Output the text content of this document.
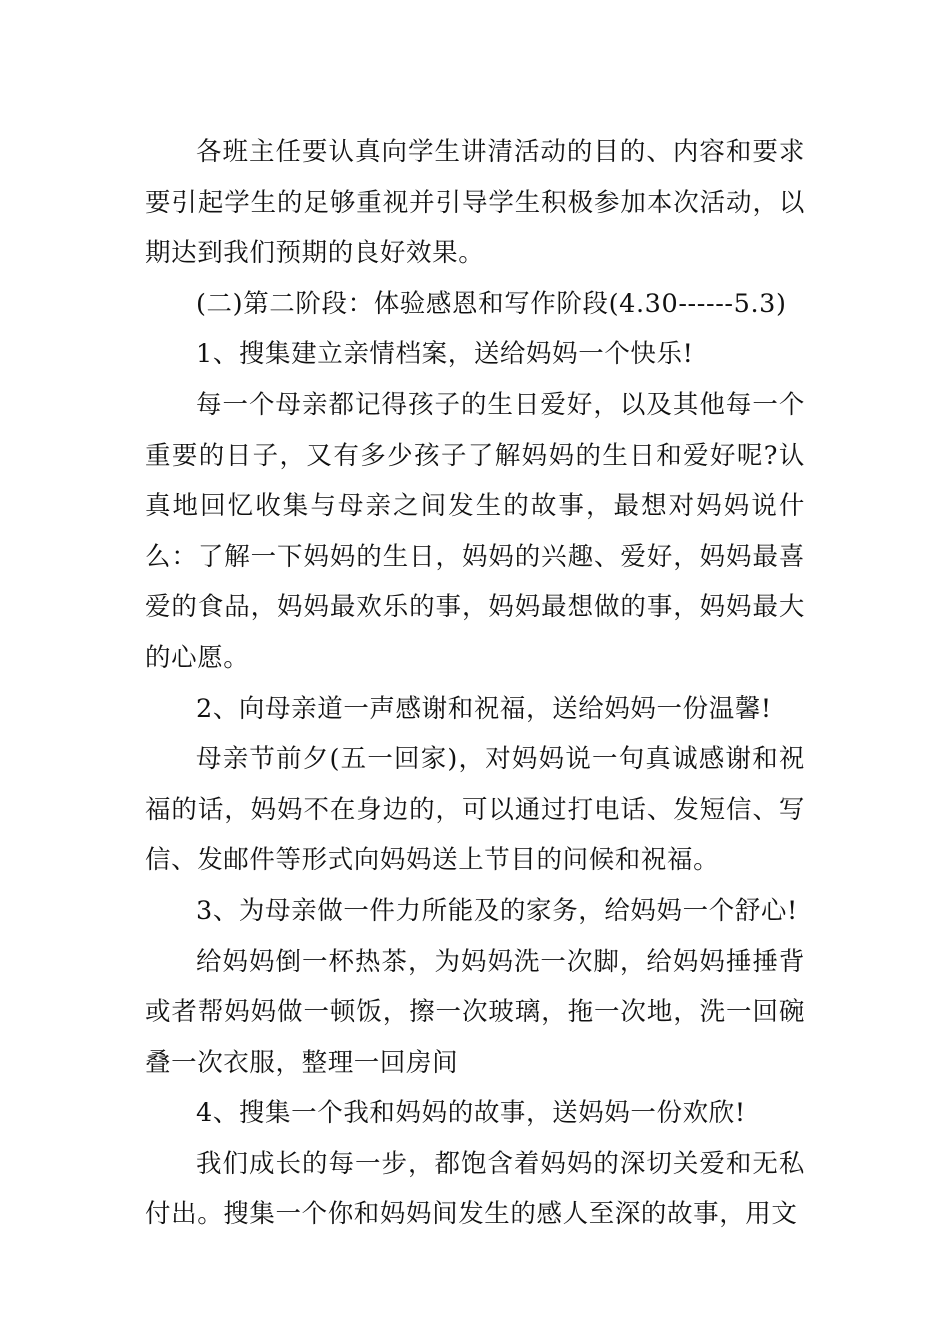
各班主任要认真向学生讲清活动的目的、内容和要求要引起学生的足够重视并引导学生积极参加本次活动，以期达到我们预期的良好效果。

(二)第二阶段：体验感恩和写作阶段(4.30------5.3)

1、搜集建立亲情档案，送给妈妈一个快乐!

每一个母亲都记得孩子的生日爱好，以及其他每一个重要的日子，又有多少孩子了解妈妈的生日和爱好呢?认真地回忆收集与母亲之间发生的故事，最想对妈妈说什么：了解一下妈妈的生日，妈妈的兴趣、爱好，妈妈最喜爱的食品，妈妈最欢乐的事，妈妈最想做的事，妈妈最大的心愿。

2、向母亲道一声感谢和祝福，送给妈妈一份温馨!

母亲节前夕(五一回家)，对妈妈说一句真诚感谢和祝福的话，妈妈不在身边的，可以通过打电话、发短信、写信、发邮件等形式向妈妈送上节目的问候和祝福。

3、为母亲做一件力所能及的家务，给妈妈一个舒心!

给妈妈倒一杯热茶，为妈妈洗一次脚，给妈妈捶捶背或者帮妈妈做一顿饭，擦一次玻璃，拖一次地，洗一回碗叠一次衣服，整理一回房间

4、搜集一个我和妈妈的故事，送妈妈一份欢欣!

我们成长的每一步，都饱含着妈妈的深切关爱和无私付出。搜集一个你和妈妈间发生的感人至深的故事，用文
